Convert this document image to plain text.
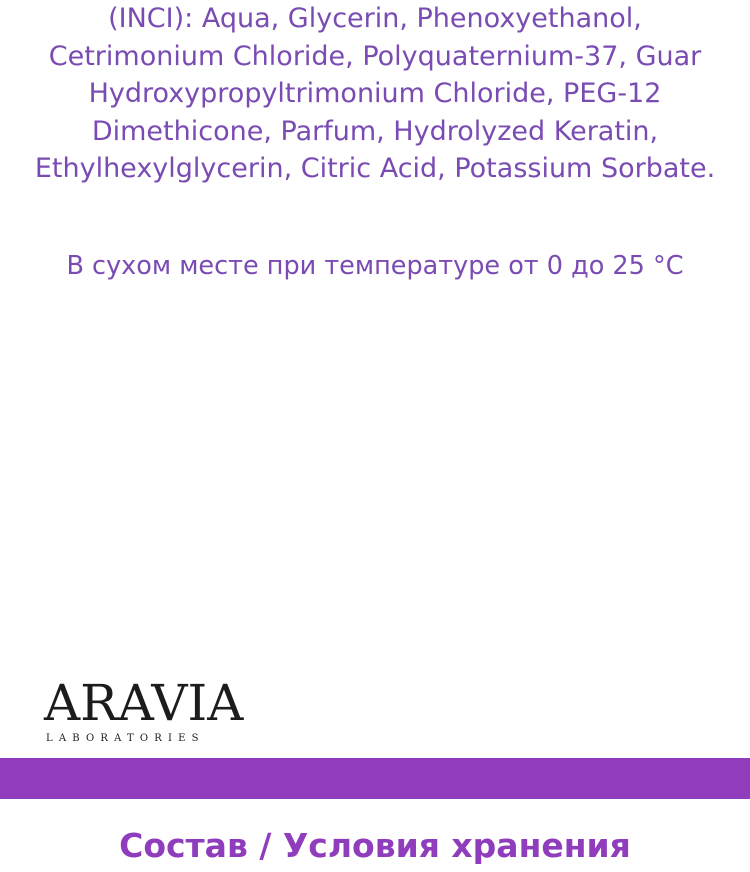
(INCI): Aqua, Glycerin, Phenoxyethanol,
Cetrimonium Chloride, Polyquaternium-37, Guar
Hydroxypropyltrimonium Chloride, PEG-12
Dimethicone, Parfum, Hydrolyzed Keratin,
Ethylhexylglycerin, Citric Acid, Potassium Sorbate.
В сухом месте при температуре от 0 до 25 °C
ARAVIA
LABORATORIES
Состав / Условия хранения
